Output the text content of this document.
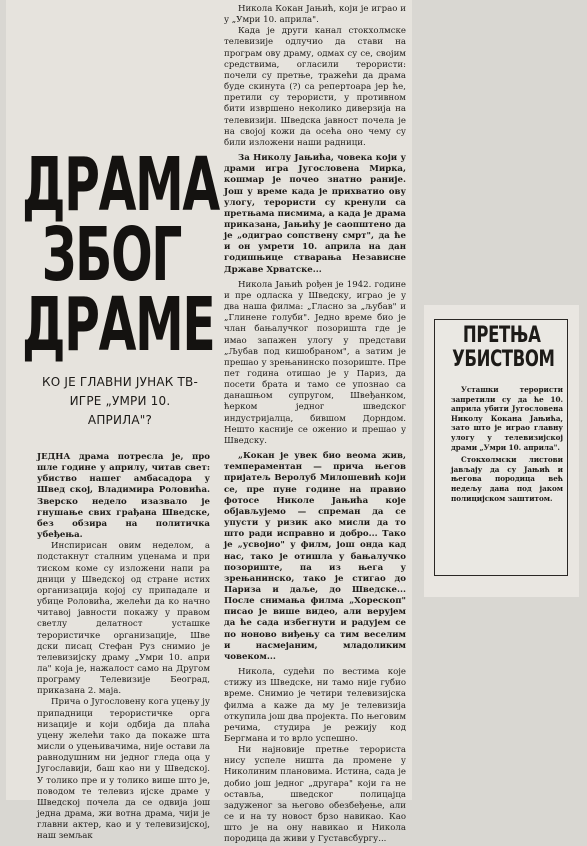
ДРАМА
ЗБОГ
ДРАМЕ
КО ЈЕ ГЛАВНИ ЈУНАК ТВ-ИГРЕ „УМРИ 10. АПРИЛА"?

ЈЕДНА драма потресла је, про шле године у априлу, читав свет: убиство нашег амбасадора у Швед ској, Владимира Роловића. Зверско недело изазвало је гнушање свих грађана Шведске, без обзира на политичка убеђења.

Инспирисан овим неделом, а подстакнут сталним уценама и при тиском коме су изложени напи ра дници у Шведској од стране истих организација којој су припадале и убице Роловића, желећи да ко начно читавој јавности покажу у правом светлу делатност усташке терористичке организације, Шве дски писац Стефан Руз снимио је телевизијску драму „Умри 10. апри ла" која је, нажалост само на Другом програму Телевизије Београд, приказана 2. маја.

Прича о Југословену кога уцењу ју припадници терористичке орга низације и који одбија да плаћа уцену желећи тако да покаже шта мисли о уцењивачима, није остави ла равнодушним ни једног гледа оца у Југославији, баш као ни у Шведској. У толико пре и у толико више што је, поводом те телевиз ијске драме у Шведској почела да се одвија још једна драма, жи вотна драма, чији је главни актер, као и у телевизијској, наш земљак

Никола Кокан Јањић, који је играо и у „Умри 10. априла".

Када је други канал стокхолмске телевизије одлучио да стави на програм ову драму, одмах су се, својим средствима, огласили терористи: почели су претње, тражећи да драма буде скинута (?) са репертоара јер ће, претили су терористи, у противном бити извршено неколико диверзија на телевизији. Шведска јавност почела је на својој кожи да осећа оно чему су били изложени наши радници.

За Николу Јањића, човека који у драми игра Југословена Мирка, кошмар је почео знатно раније. Још у време када је прихватио ову улогу, терористи су кренули са претњама писмима, а када је драма приказана, Јањићу је саопштено да је „одиграо сопствену смрт", да ће и он умрети 10. априла на дан годишњице стварања Независне Државе Хрватске...

Никола Јањић рођен је 1942. године и пре одласка у Шведску, играо је у два наша филма: „Гласно за „љубав" и „Глинене голуби". Једно време био је члан бањалучког позоришта где је имао запажен улогу у представи „Љубав под кишобраном", а затим је прешао у зрењанинско позориште. Пре пет година отишао је у Париз, да посети брата и тамо се упознао са данашњом супругом, Швеђанком, ћерком једног шведског индустријалца, бившом Дорндом. Нешто касније се оженио и прешао у Шведску.

„Кокан је увек био веома жив, темпераментан — прича његов пријатељ Веролуб Милошевић који се, пре пуне године на правио фотосе Николе Јањића које објављујемо — спреман да се упусти у ризик ако мисли да то што ради исправно и добро... Тако је „усвојио" у филм, још онда кад нас, тако је отишла у бањалучко позориште, па из њега у зрењанинско, тако је стигао до Париза и даље, до Шведске... После снимања филма „Хорескоп" писао је више видео, али верујем да ће сада избегнути и радујем се по ноново виђењу са тим веселим и насмејаним, младоликим човеком...

Никола, судећи по вестима које стижу из Шведске, ни тамо није губио време. Снимио је четири телевизијска филма а каже да му је телевизија откупила још два пројекта. По његовим речима, студира је режију код Бергмана и то врло успешно.

Ни најновије претње терориста нису успеле ништа да промене у Николиним плановима. Истина, сада је добио још једног „другара" који га не оставља, шведског полицајца задуженог за његово обезбеђење, али се и на ту новост брзо навикао. Као што је на ону навикао и Никола породица да живи у Густавсбургу...

ПРЕТЊА
УБИСТВОМ

Усташки терористи запретили су да ће 10. априла убити Југословена Николу Кокана Јањића, зато што је играо главну улогу у телевизијској драми „Умри 10. априла".

Стокхолмски листови јављају да су Јањић и његова породица већ недељу дана под јаком полицијском заштитом.
